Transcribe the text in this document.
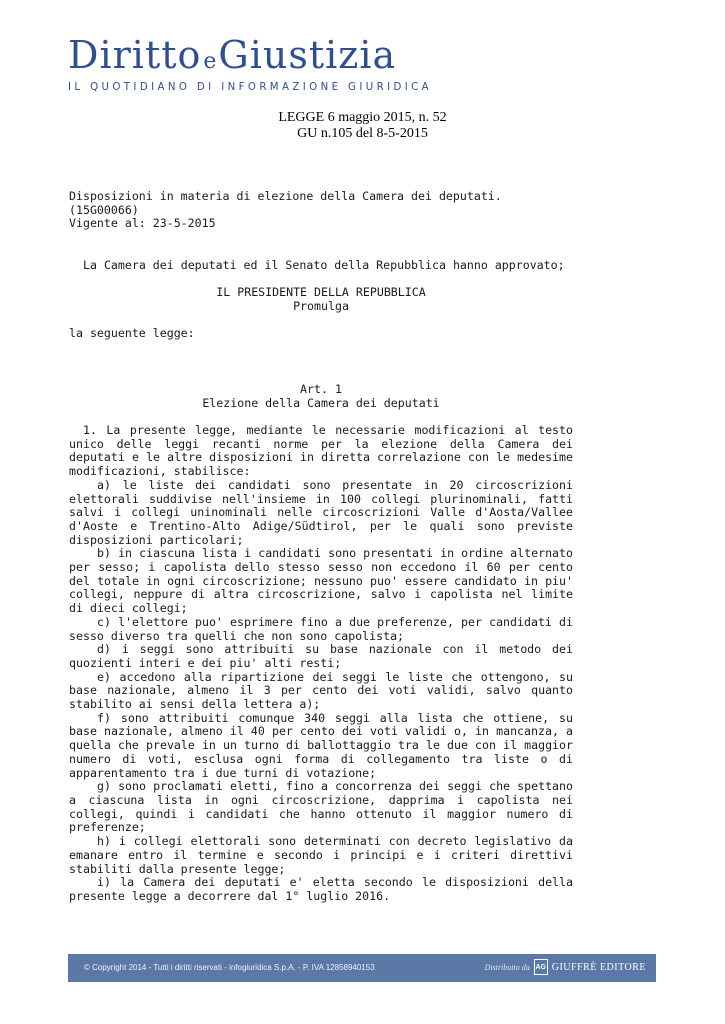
DirittoeGiustizia
IL QUOTIDIANO DI INFORMAZIONE GIURIDICA
LEGGE 6 maggio 2015, n. 52
GU n.105 del 8-5-2015

Disposizioni in materia di elezione della Camera dei deputati.

(15G00066)

Vigente al: 23-5-2015

La Camera dei deputati ed il Senato della Repubblica hanno approvato;

IL PRESIDENTE DELLA REPUBBLICA

Promulga

la seguente legge:

Art. 1

Elezione della Camera dei deputati

1. La presente legge, mediante le necessarie modificazioni al testo unico delle leggi recanti norme per la elezione della Camera dei deputati e le altre disposizioni in diretta correlazione con le medesime modificazioni, stabilisce:

a) le liste dei candidati sono presentate in 20 circoscrizioni elettorali suddivise nell'insieme in 100 collegi plurinominali, fatti salvi i collegi uninominali nelle circoscrizioni Valle d'Aosta/Vallee d'Aoste e Trentino-Alto Adige/Südtirol, per le quali sono previste disposizioni particolari;

b) in ciascuna lista i candidati sono presentati in ordine alternato per sesso; i capolista dello stesso sesso non eccedono il 60 per cento del totale in ogni circoscrizione; nessuno puo' essere candidato in piu' collegi, neppure di altra circoscrizione, salvo i capolista nel limite di dieci collegi;

c) l'elettore puo' esprimere fino a due preferenze, per candidati di sesso diverso tra quelli che non sono capolista;

d) i seggi sono attribuiti su base nazionale con il metodo dei quozienti interi e dei piu' alti resti;

e) accedono alla ripartizione dei seggi le liste che ottengono, su base nazionale, almeno il 3 per cento dei voti validi, salvo quanto stabilito ai sensi della lettera a);

f) sono attribuiti comunque 340 seggi alla lista che ottiene, su base nazionale, almeno il 40 per cento dei voti validi o, in mancanza, a quella che prevale in un turno di ballottaggio tra le due con il maggior numero di voti, esclusa ogni forma di collegamento tra liste o di apparentamento tra i due turni di votazione;

g) sono proclamati eletti, fino a concorrenza dei seggi che spettano a ciascuna lista in ogni circoscrizione, dapprima i capolista nei collegi, quindi i candidati che hanno ottenuto il maggior numero di preferenze;

h) i collegi elettorali sono determinati con decreto legislativo da emanare entro il termine e secondo i principi e i criteri direttivi stabiliti dalla presente legge;

i) la Camera dei deputati e' eletta secondo le disposizioni della presente legge a decorrere dal 1° luglio 2016.

© Copyright 2014 - Tutti i diritti riservati - infogiuridica S.p.A. - P. IVA 12858940153	Distribuito da AG GIUFFRÈ EDITORE
